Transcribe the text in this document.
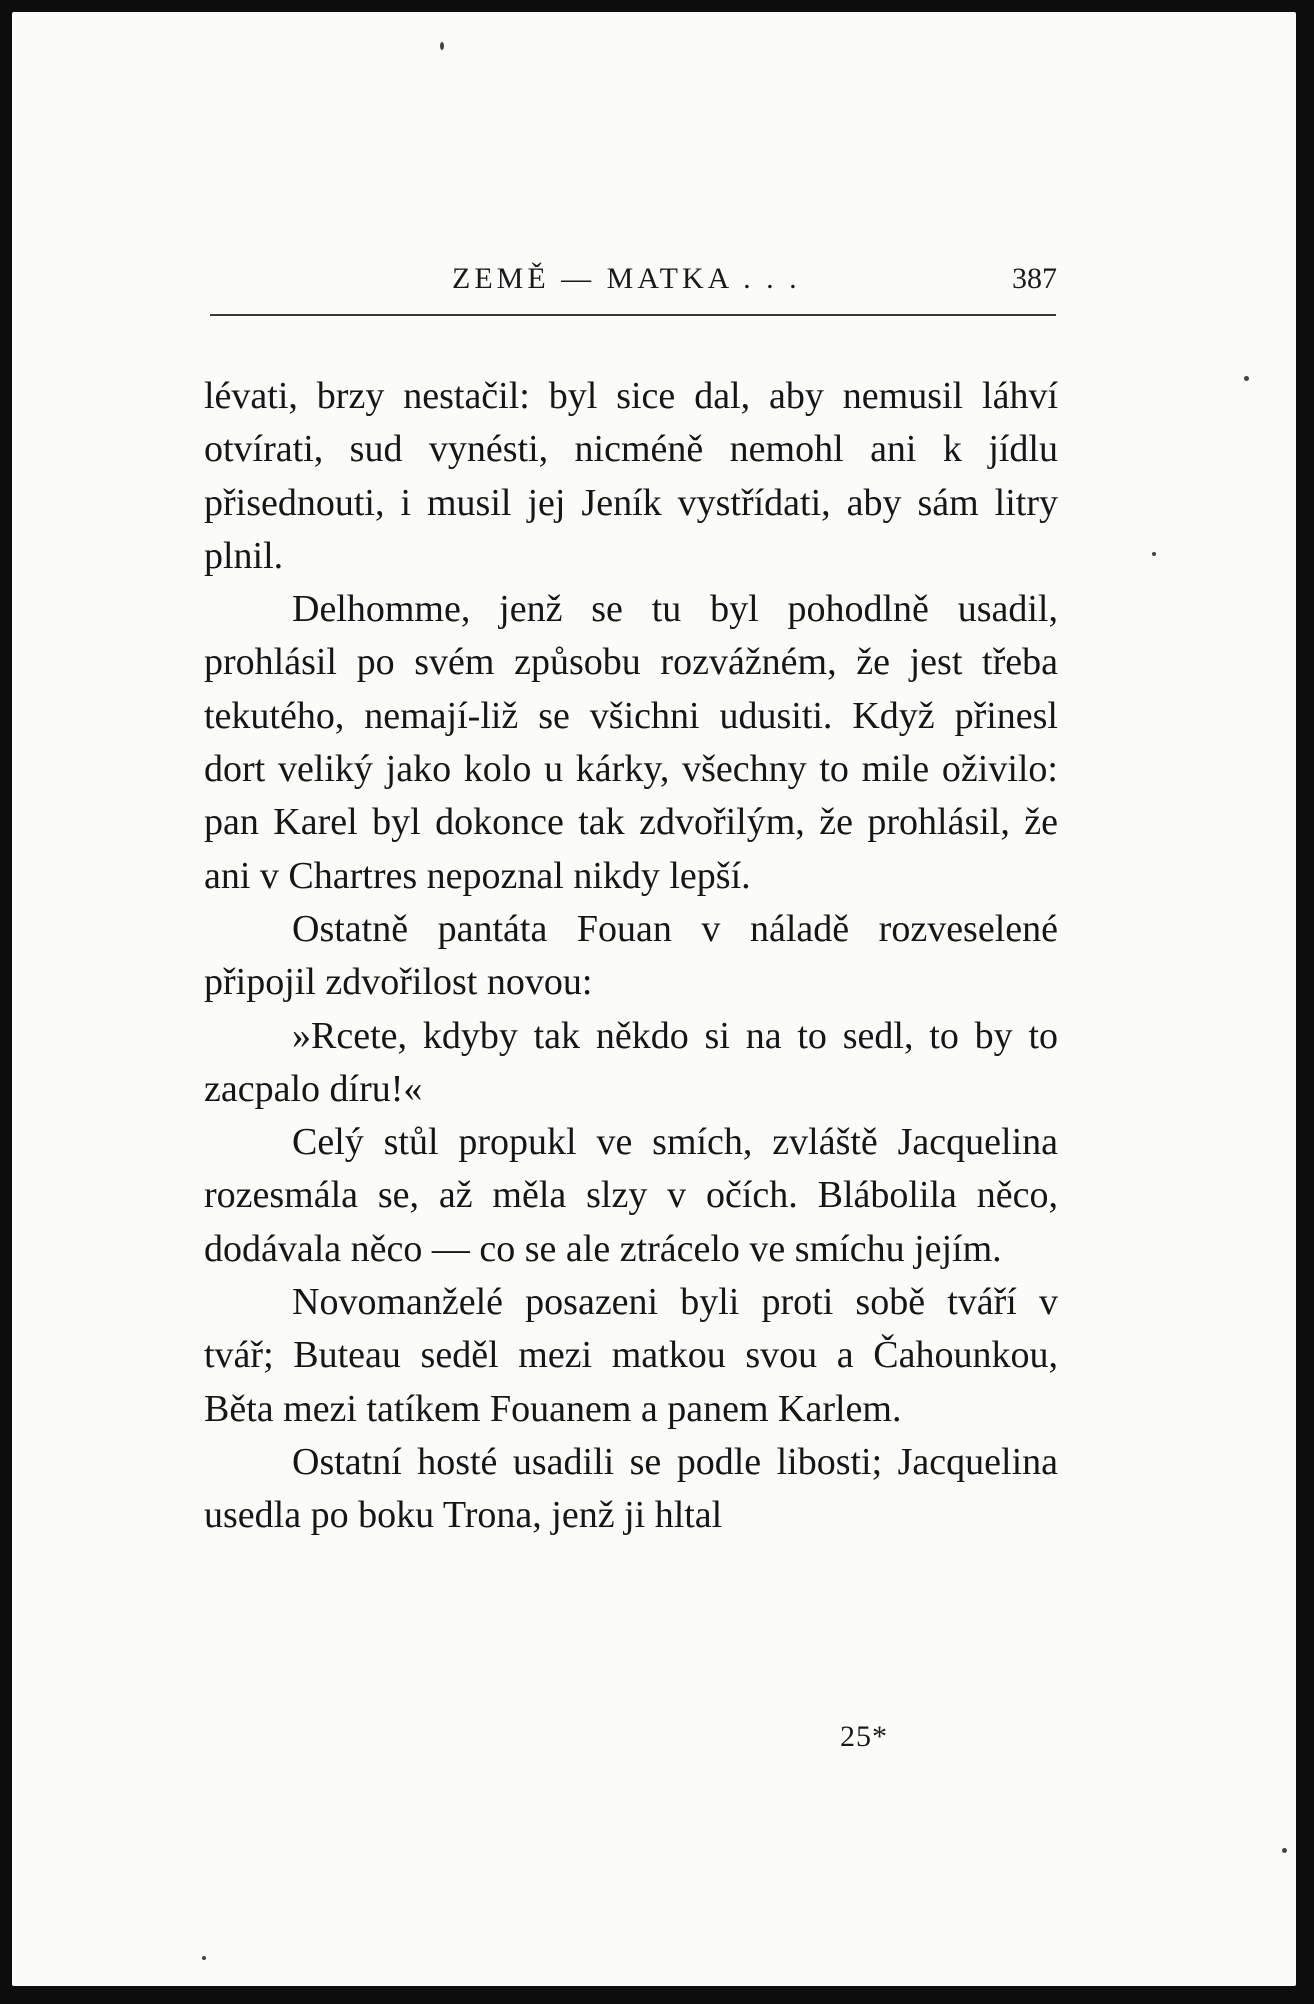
ZEMĚ — MATKA . . .	387

lévati, brzy nestačil: byl sice dal, aby nemusil láhví otvírati, sud vynésti, nicméně nemohl ani k jídlu přisednouti, i musil jej Jeník vystřídati, aby sám litry plnil.

Delhomme, jenž se tu byl pohodlně usadil, prohlásil po svém způsobu rozvážném, že jest třeba tekutého, nemají-liž se všichni udusiti. Když přinesl dort veliký jako kolo u kárky, všechny to mile oživilo: pan Karel byl dokonce tak zdvořilým, že prohlásil, že ani v Chartres nepoznal nikdy lepší.

Ostatně pantáta Fouan v náladě rozveselené připojil zdvořilost novou:

»Rcete, kdyby tak někdo si na to sedl, to by to zacpalo díru!«

Celý stůl propukl ve smích, zvláště Jacquelina rozesmála se, až měla slzy v očích. Blábolila něco, dodávala něco — co se ale ztrácelo ve smíchu jejím.

Novomanželé posazeni byli proti sobě tváří v tvář; Buteau seděl mezi matkou svou a Čahounkou, Běta mezi tatíkem Fouanem a panem Karlem.

Ostatní hosté usadili se podle libosti; Jacquelina usedla po boku Trona, jenž ji hltal

25*
